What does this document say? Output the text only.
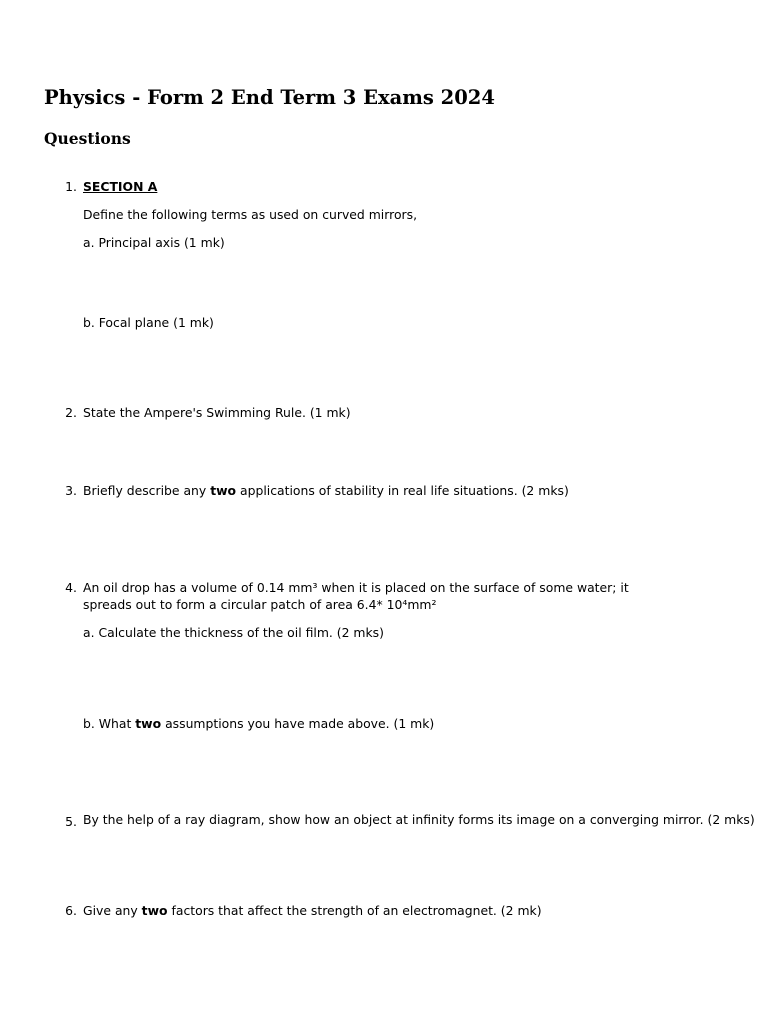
Physics - Form 2 End Term 3 Exams 2024
Questions
1. SECTION A
Define the following terms as used on curved mirrors,
a. Principal axis (1 mk)
b. Focal plane (1 mk)
2. State the Ampere's Swimming Rule. (1 mk)
3. Briefly describe any two applications of stability in real life situations. (2 mks)
4. An oil drop has a volume of 0.14 mm³ when it is placed on the surface of some water; it
spreads out to form a circular patch of area 6.4* 10⁴mm²
a. Calculate the thickness of the oil film. (2 mks)
b. What two assumptions you have made above. (1 mk)
5. By the help of a ray diagram, show how an object at infinity forms its image on a converging mirror. (2 mks)
6. Give any two factors that affect the strength of an electromagnet. (2 mk)
